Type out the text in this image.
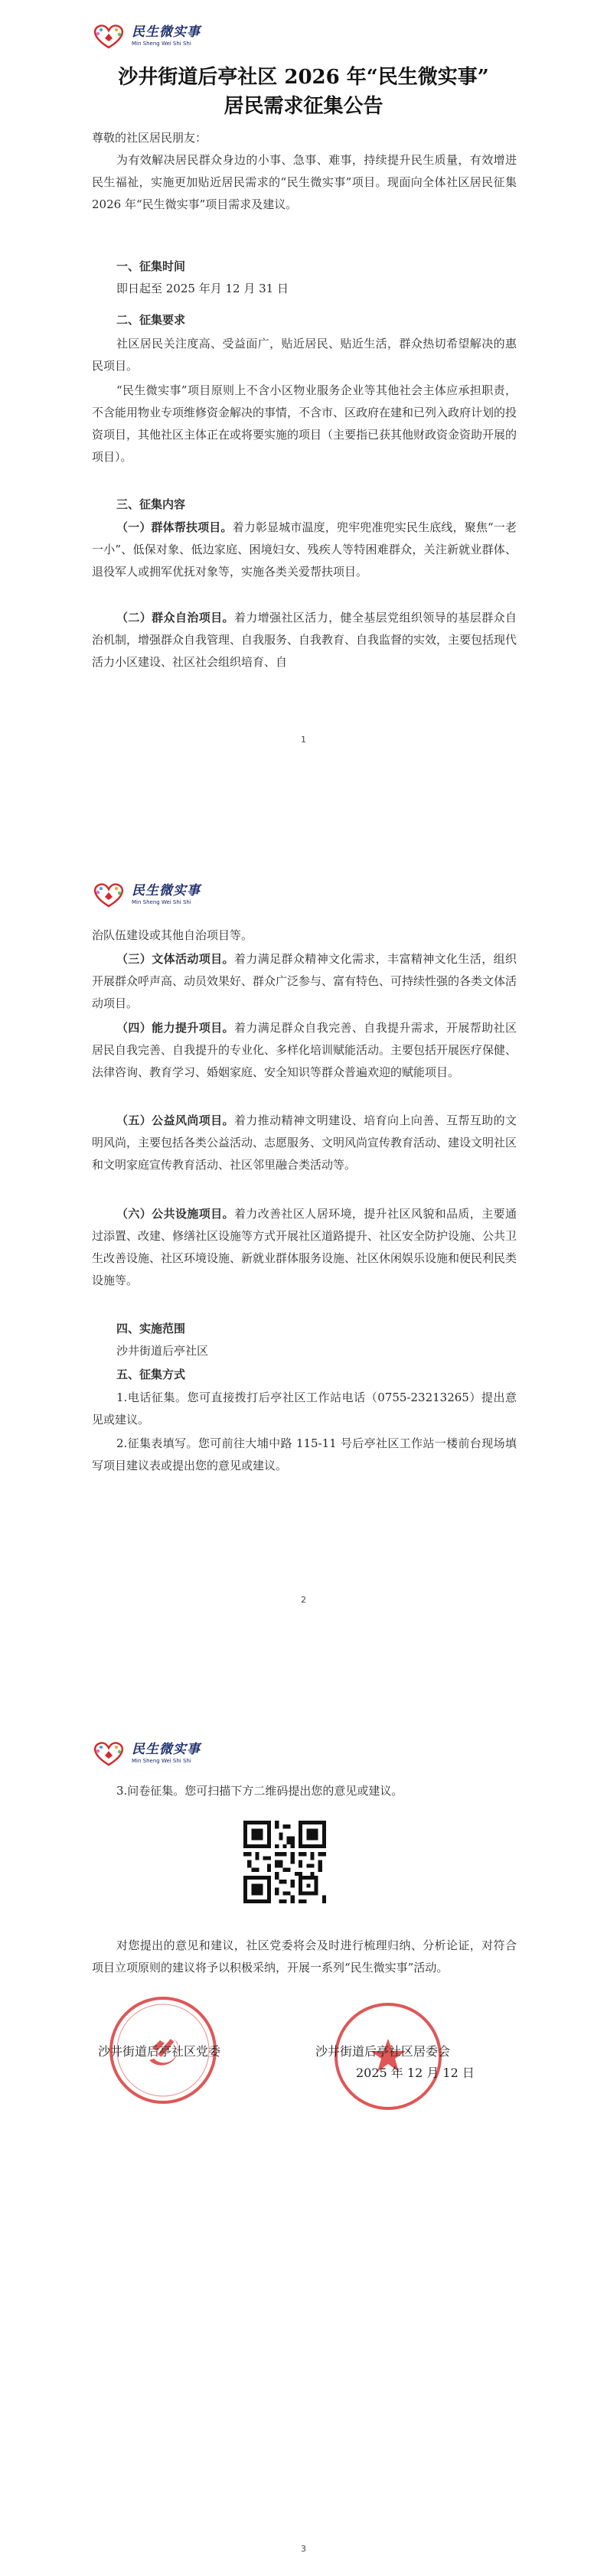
民生微实事
Min Sheng Wei Shi Shi
沙井街道后亭社区 2026 年“民生微实事”
居民需求征集公告

尊敬的社区居民朋友：

为有效解决居民群众身边的小事、急事、难事，持续提升民生质量，有效增进民生福祉，实施更加贴近居民需求的“民生微实事”项目。现面向全体社区居民征集 2026 年“民生微实事”项目需求及建议。

一、征集时间

即日起至 2025 年月 12 月 31 日

二、征集要求

社区居民关注度高、受益面广，贴近居民、贴近生活，群众热切希望解决的惠民项目。

“民生微实事”项目原则上不含小区物业服务企业等其他社会主体应承担职责，不含能用物业专项维修资金解决的事情，不含市、区政府在建和已列入政府计划的投资项目，其他社区主体正在或将要实施的项目（主要指已获其他财政资金资助开展的项目）。

三、征集内容

（一）群体帮扶项目。着力彰显城市温度，兜牢兜准兜实民生底线，聚焦“一老一小”、低保对象、低边家庭、困境妇女、残疾人等特困难群众，关注新就业群体、退役军人或拥军优抚对象等，实施各类关爱帮扶项目。

（二）群众自治项目。着力增强社区活力，健全基层党组织领导的基层群众自治机制，增强群众自我管理、自我服务、自我教育、自我监督的实效，主要包括现代活力小区建设、社区社会组织培育、自

1
民生微实事
Min Sheng Wei Shi Shi

治队伍建设或其他自治项目等。

（三）文体活动项目。着力满足群众精神文化需求，丰富精神文化生活，组织开展群众呼声高、动员效果好、群众广泛参与、富有特色、可持续性强的各类文体活动项目。

（四）能力提升项目。着力满足群众自我完善、自我提升需求，开展帮助社区居民自我完善、自我提升的专业化、多样化培训赋能活动。主要包括开展医疗保健、法律咨询、教育学习、婚姻家庭、安全知识等群众普遍欢迎的赋能项目。

（五）公益风尚项目。着力推动精神文明建设、培育向上向善、互帮互助的文明风尚，主要包括各类公益活动、志愿服务、文明风尚宣传教育活动、建设文明社区和文明家庭宣传教育活动、社区邻里融合类活动等。

（六）公共设施项目。着力改善社区人居环境，提升社区风貌和品质，主要通过添置、改建、修缮社区设施等方式开展社区道路提升、社区安全防护设施、公共卫生改善设施、社区环境设施、新就业群体服务设施、社区休闲娱乐设施和便民利民类设施等。

四、实施范围

沙井街道后亭社区

五、征集方式

1.电话征集。您可直接拨打后亭社区工作站电话（0755-23213265）提出意见或建议。

2.征集表填写。您可前往大埔中路 115-11 号后亭社区工作站一楼前台现场填写项目建议表或提出您的意见或建议。

2
民生微实事
Min Sheng Wei Shi Shi

3.问卷征集。您可扫描下方二维码提出您的意见或建议。

对您提出的意见和建议，社区党委将会及时进行梳理归纳、分析论证，对符合项目立项原则的建议将予以积极采纳，开展一系列“民生微实事”活动。

沙井街道后亭社区党委	沙井街道后亭社区居委会

2025 年 12 月 12 日

3
